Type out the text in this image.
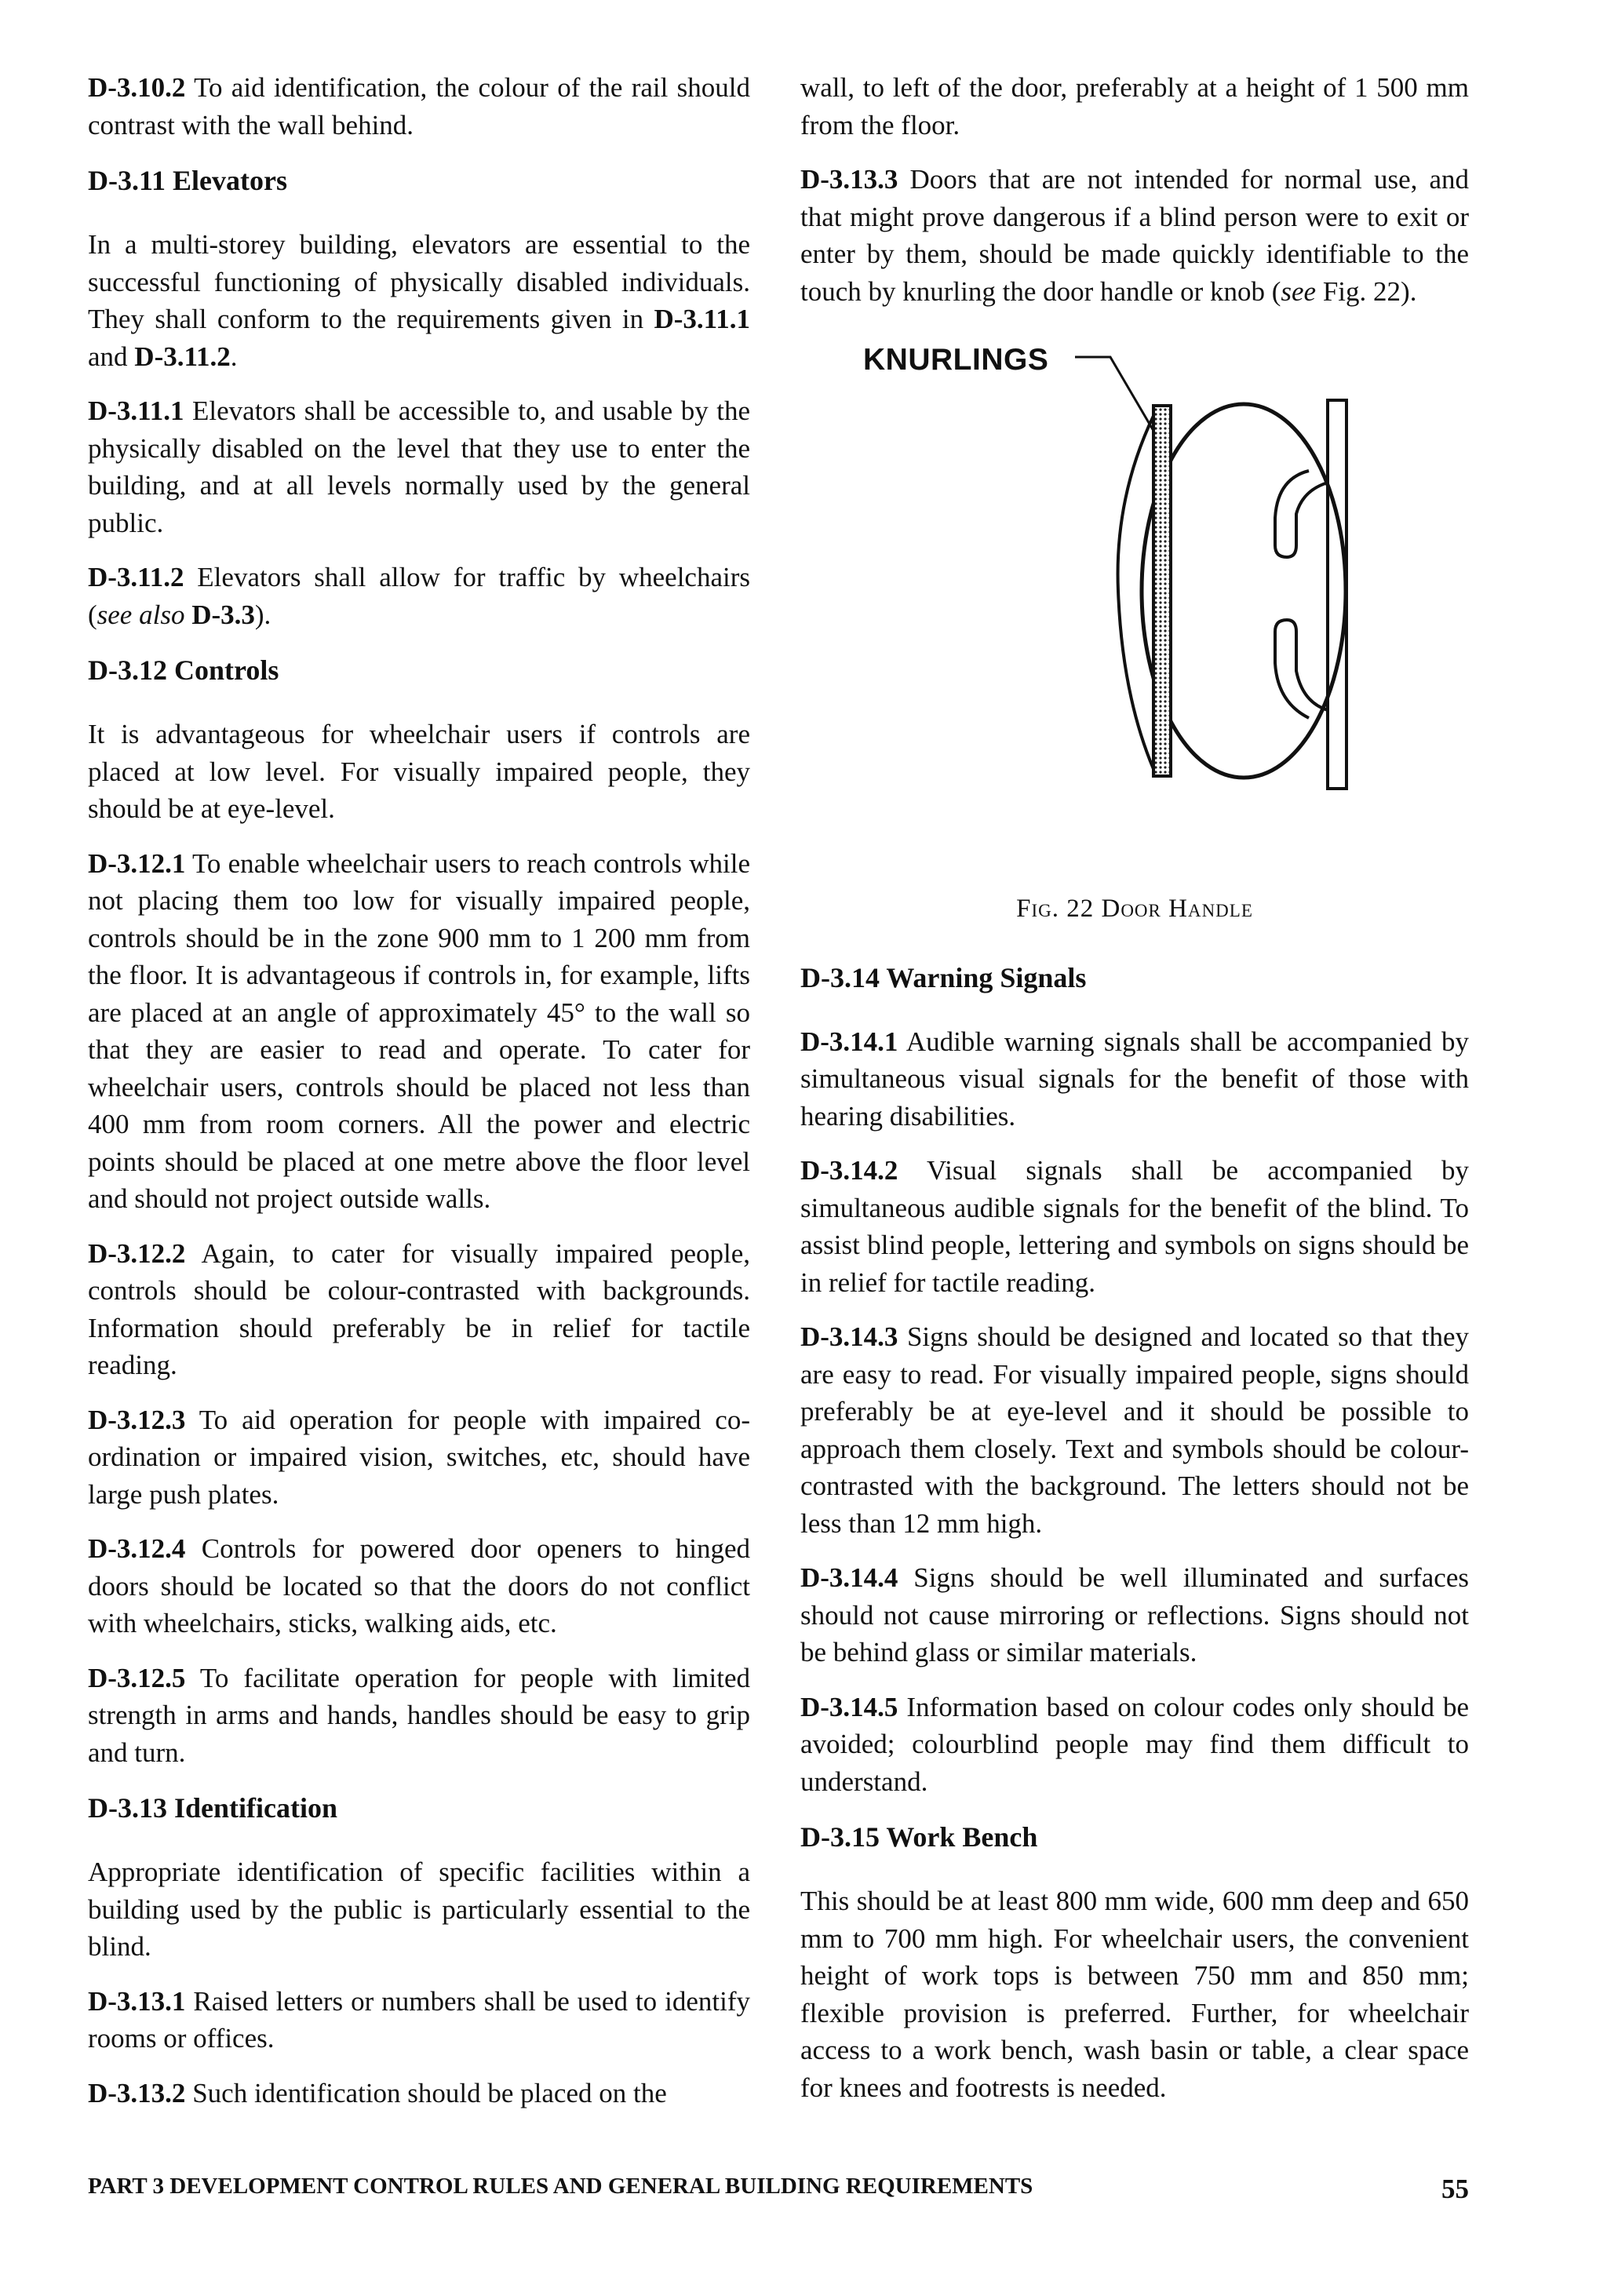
D-3.10.2 To aid identification, the colour of the rail should contrast with the wall behind.

D-3.11 Elevators

In a multi-storey building, elevators are essential to the successful functioning of physically disabled individuals. They shall conform to the requirements given in D-3.11.1 and D-3.11.2.

D-3.11.1 Elevators shall be accessible to, and usable by the physically disabled on the level that they use to enter the building, and at all levels normally used by the general public.

D-3.11.2 Elevators shall allow for traffic by wheelchairs (see also D-3.3).

D-3.12 Controls

It is advantageous for wheelchair users if controls are placed at low level. For visually impaired people, they should be at eye-level.

D-3.12.1 To enable wheelchair users to reach controls while not placing them too low for visually impaired people, controls should be in the zone 900 mm to 1 200 mm from the floor. It is advantageous if controls in, for example, lifts are placed at an angle of approximately 45° to the wall so that they are easier to read and operate. To cater for wheelchair users, controls should be placed not less than 400 mm from room corners. All the power and electric points should be placed at one metre above the floor level and should not project outside walls.

D-3.12.2 Again, to cater for visually impaired people, controls should be colour-contrasted with backgrounds. Information should preferably be in relief for tactile reading.

D-3.12.3 To aid operation for people with impaired co-ordination or impaired vision, switches, etc, should have large push plates.

D-3.12.4 Controls for powered door openers to hinged doors should be located so that the doors do not conflict with wheelchairs, sticks, walking aids, etc.

D-3.12.5 To facilitate operation for people with limited strength in arms and hands, handles should be easy to grip and turn.

D-3.13 Identification

Appropriate identification of specific facilities within a building used by the public is particularly essential to the blind.

D-3.13.1 Raised letters or numbers shall be used to identify rooms or offices.

D-3.13.2 Such identification should be placed on the

wall, to left of the door, preferably at a height of 1 500 mm from the floor.

D-3.13.3 Doors that are not intended for normal use, and that might prove dangerous if a blind person were to exit or enter by them, should be made quickly identifiable to the touch by knurling the door handle or knob (see Fig. 22).

KNURLINGS
Fig. 22 Door Handle
D-3.14 Warning Signals

D-3.14.1 Audible warning signals shall be accompanied by simultaneous visual signals for the benefit of those with hearing disabilities.

D-3.14.2 Visual signals shall be accompanied by simultaneous audible signals for the benefit of the blind. To assist blind people, lettering and symbols on signs should be in relief for tactile reading.

D-3.14.3 Signs should be designed and located so that they are easy to read. For visually impaired people, signs should preferably be at eye-level and it should be possible to approach them closely. Text and symbols should be colour-contrasted with the background. The letters should not be less than 12 mm high.

D-3.14.4 Signs should be well illuminated and surfaces should not cause mirroring or reflections. Signs should not be behind glass or similar materials.

D-3.14.5 Information based on colour codes only should be avoided; colourblind people may find them difficult to understand.

D-3.15 Work Bench

This should be at least 800 mm wide, 600 mm deep and 650 mm to 700 mm high. For wheelchair users, the convenient height of work tops is between 750 mm and 850 mm; flexible provision is preferred. Further, for wheelchair access to a work bench, wash basin or table, a clear space for knees and footrests is needed.

PART 3 DEVELOPMENT CONTROL RULES AND GENERAL BUILDING REQUIREMENTS	55
